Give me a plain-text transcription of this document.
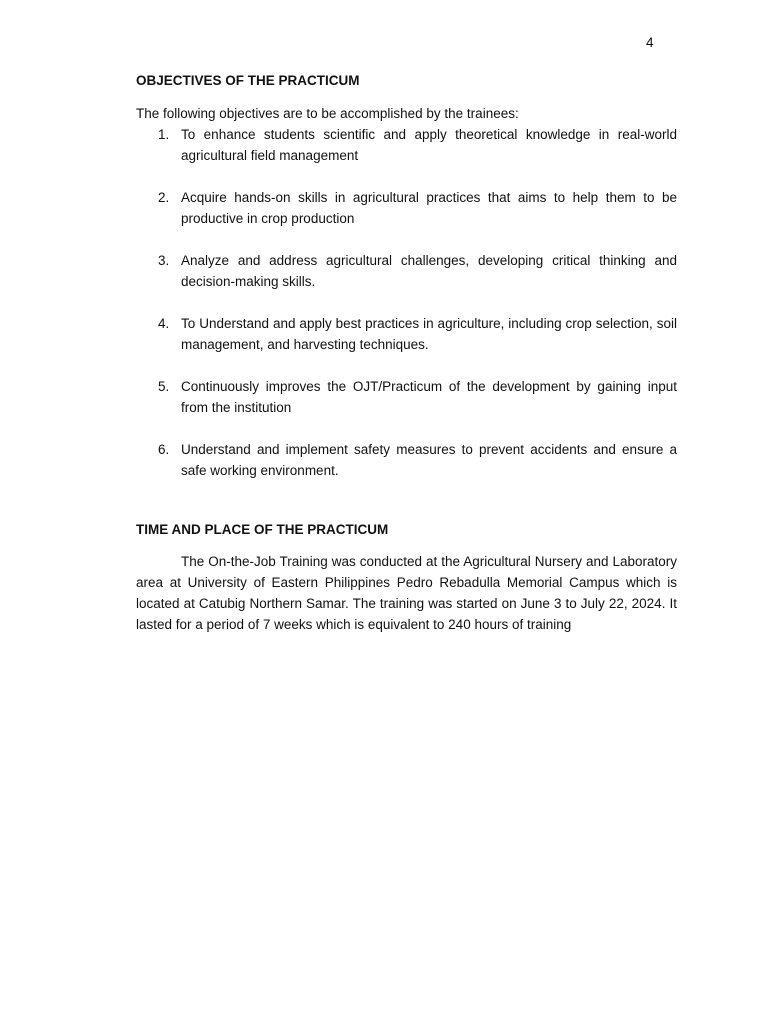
4

OBJECTIVES OF THE PRACTICUM

The following objectives are to be accomplished by the trainees:

1. To enhance students scientific and apply theoretical knowledge in real-world agricultural field management
2. Acquire hands-on skills in agricultural practices that aims to help them to be productive in crop production
3. Analyze and address agricultural challenges, developing critical thinking and decision-making skills.
4. To Understand and apply best practices in agriculture, including crop selection, soil management, and harvesting techniques.
5. Continuously improves the OJT/Practicum of the development by gaining input from the institution
6. Understand and implement safety measures to prevent accidents and ensure a safe working environment.

TIME AND PLACE OF THE PRACTICUM

The On-the-Job Training was conducted at the Agricultural Nursery and Laboratory area at University of Eastern Philippines Pedro Rebadulla Memorial Campus which is located at Catubig Northern Samar. The training was started on June 3 to July 22, 2024. It lasted for a period of 7 weeks which is equivalent to 240 hours of training
